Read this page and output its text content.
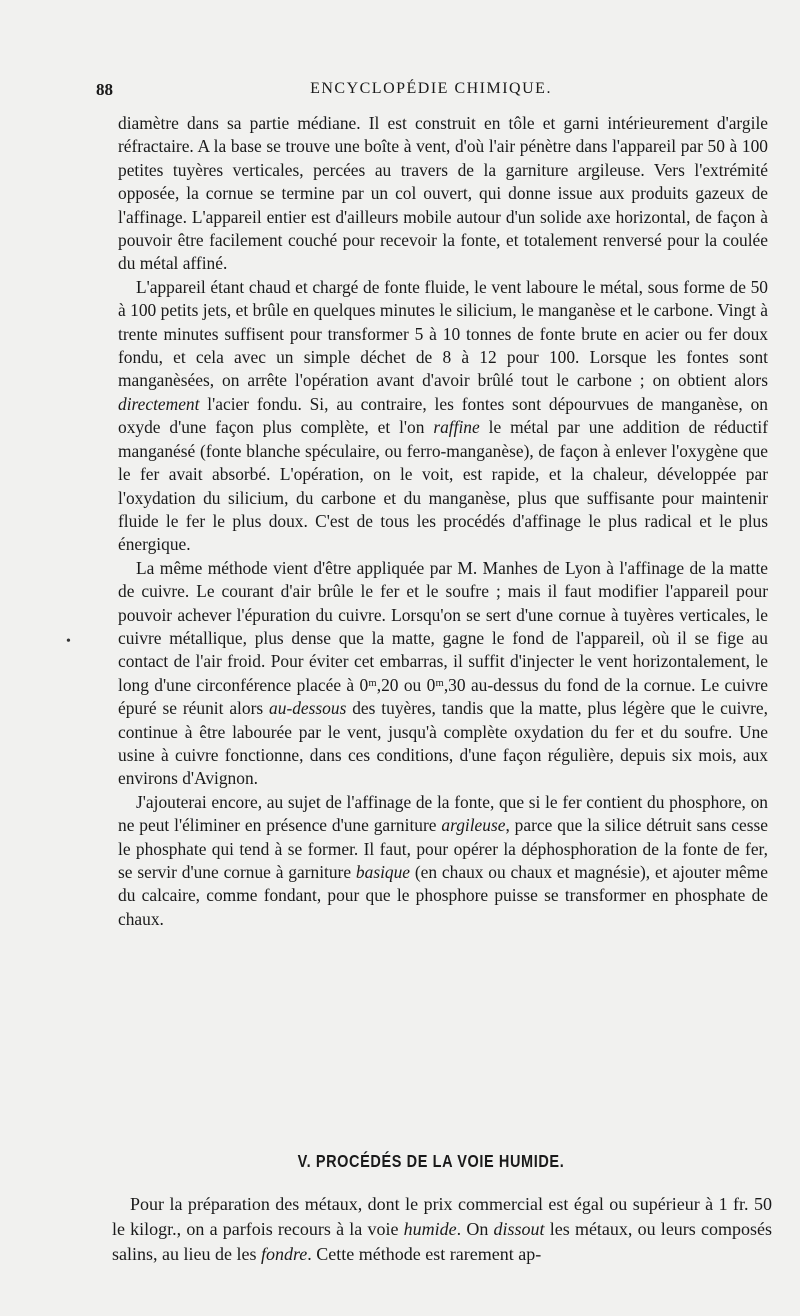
88	ENCYCLOPÉDIE CHIMIQUE.
•

diamètre dans sa partie médiane. Il est construit en tôle et garni intérieurement d'argile réfractaire. A la base se trouve une boîte à vent, d'où l'air pénètre dans l'appareil par 50 à 100 petites tuyères verticales, percées au travers de la garniture argileuse. Vers l'extrémité opposée, la cornue se termine par un col ouvert, qui donne issue aux produits gazeux de l'affinage. L'appareil entier est d'ailleurs mobile autour d'un solide axe horizontal, de façon à pouvoir être facilement couché pour recevoir la fonte, et totalement renversé pour la coulée du métal affiné.

L'appareil étant chaud et chargé de fonte fluide, le vent laboure le métal, sous forme de 50 à 100 petits jets, et brûle en quelques minutes le silicium, le manganèse et le carbone. Vingt à trente minutes suffisent pour transformer 5 à 10 tonnes de fonte brute en acier ou fer doux fondu, et cela avec un simple déchet de 8 à 12 pour 100. Lorsque les fontes sont manganèsées, on arrête l'opération avant d'avoir brûlé tout le carbone ; on obtient alors directement l'acier fondu. Si, au contraire, les fontes sont dépourvues de manganèse, on oxyde d'une façon plus complète, et l'on raffine le métal par une addition de réductif manganésé (fonte blanche spéculaire, ou ferro-manganèse), de façon à enlever l'oxygène que le fer avait absorbé. L'opération, on le voit, est rapide, et la chaleur, développée par l'oxydation du silicium, du carbone et du manganèse, plus que suffisante pour maintenir fluide le fer le plus doux. C'est de tous les procédés d'affinage le plus radical et le plus énergique.

La même méthode vient d'être appliquée par M. Manhes de Lyon à l'affinage de la matte de cuivre. Le courant d'air brûle le fer et le soufre ; mais il faut modifier l'appareil pour pouvoir achever l'épuration du cuivre. Lorsqu'on se sert d'une cornue à tuyères verticales, le cuivre métallique, plus dense que la matte, gagne le fond de l'appareil, où il se fige au contact de l'air froid. Pour éviter cet embarras, il suffit d'injecter le vent horizontalement, le long d'une circonférence placée à 0ᵐ,20 ou 0ᵐ,30 au-dessus du fond de la cornue. Le cuivre épuré se réunit alors au-dessous des tuyères, tandis que la matte, plus légère que le cuivre, continue à être labourée par le vent, jusqu'à complète oxydation du fer et du soufre. Une usine à cuivre fonctionne, dans ces conditions, d'une façon régulière, depuis six mois, aux environs d'Avignon.

J'ajouterai encore, au sujet de l'affinage de la fonte, que si le fer contient du phosphore, on ne peut l'éliminer en présence d'une garniture argileuse, parce que la silice détruit sans cesse le phosphate qui tend à se former. Il faut, pour opérer la déphosphoration de la fonte de fer, se servir d'une cornue à garniture basique (en chaux ou chaux et magnésie), et ajouter même du calcaire, comme fondant, pour que le phosphore puisse se transformer en phosphate de chaux.

V. PROCÉDÉS DE LA VOIE HUMIDE.

Pour la préparation des métaux, dont le prix commercial est égal ou supérieur à 1 fr. 50 le kilogr., on a parfois recours à la voie humide. On dissout les métaux, ou leurs composés salins, au lieu de les fondre. Cette méthode est rarement ap-
